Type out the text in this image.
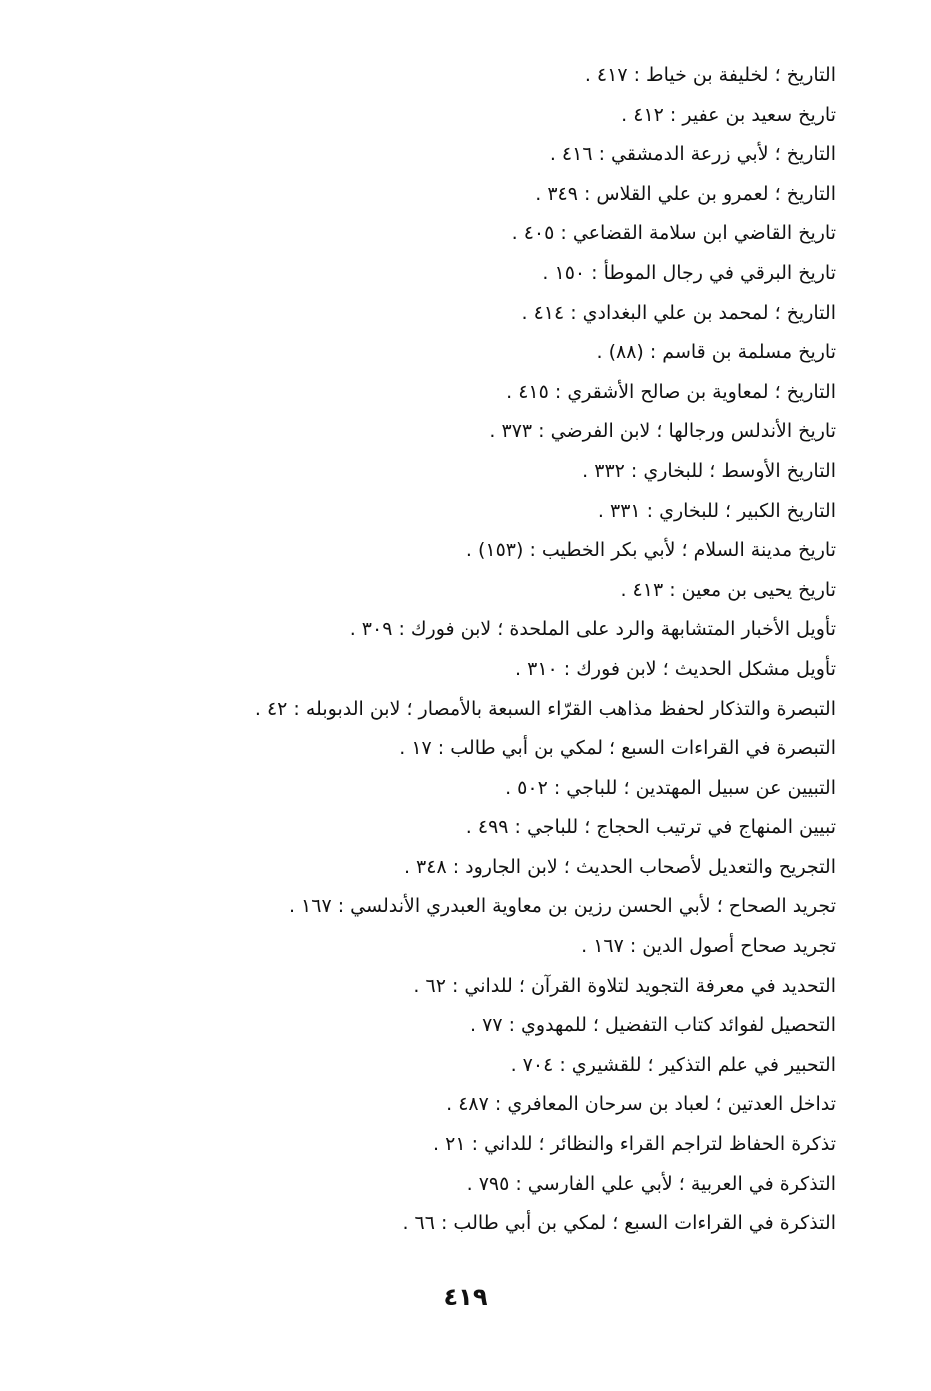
التاريخ ؛ لخليفة بن خياط : ٤١٧ .
تاريخ سعيد بن عفير : ٤١٢ .
التاريخ ؛ لأبي زرعة الدمشقي : ٤١٦ .
التاريخ ؛ لعمرو بن علي القلاس : ٣٤٩ .
تاريخ القاضي ابن سلامة القضاعي : ٤٠٥ .
تاريخ البرقي في رجال الموطأ : ١٥٠ .
التاريخ ؛ لمحمد بن علي البغدادي : ٤١٤ .
تاريخ مسلمة بن قاسم : (٨٨) .
التاريخ ؛ لمعاوية بن صالح الأشقري : ٤١٥ .
تاريخ الأندلس ورجالها ؛ لابن الفرضي : ٣٧٣ .
التاريخ الأوسط ؛ للبخاري : ٣٣٢ .
التاريخ الكبير ؛ للبخاري : ٣٣١ .
تاريخ مدينة السلام ؛ لأبي بكر الخطيب : (١٥٣) .
تاريخ يحيى بن معين : ٤١٣ .
تأويل الأخبار المتشابهة والرد على الملحدة ؛ لابن فورك : ٣٠٩ .
تأويل مشكل الحديث ؛ لابن فورك : ٣١٠ .
التبصرة والتذكار لحفظ مذاهب القرّاء السبعة بالأمصار ؛ لابن الدبوبله : ٤٢ .
التبصرة في القراءات السبع ؛ لمكي بن أبي طالب : ١٧ .
التبيين عن سبيل المهتدين ؛ للباجي : ٥٠٢ .
تبيين المنهاج في ترتيب الحجاج ؛ للباجي : ٤٩٩ .
التجريح والتعديل لأصحاب الحديث ؛ لابن الجارود : ٣٤٨ .
تجريد الصحاح ؛ لأبي الحسن رزين بن معاوية العبدري الأندلسي : ١٦٧ .
تجريد صحاح أصول الدين : ١٦٧ .
التحديد في معرفة التجويد لتلاوة القرآن ؛ للداني : ٦٢ .
التحصيل لفوائد كتاب التفضيل ؛ للمهدوي : ٧٧ .
التحبير في علم التذكير ؛ للقشيري : ٧٠٤ .
تداخل العدتين ؛ لعباد بن سرحان المعافري : ٤٨٧ .
تذكرة الحفاظ لتراجم القراء والنظائر ؛ للداني : ٢١ .
التذكرة في العربية ؛ لأبي علي الفارسي : ٧٩٥ .
التذكرة في القراءات السبع ؛ لمكي بن أبي طالب : ٦٦ .
٤١٩
